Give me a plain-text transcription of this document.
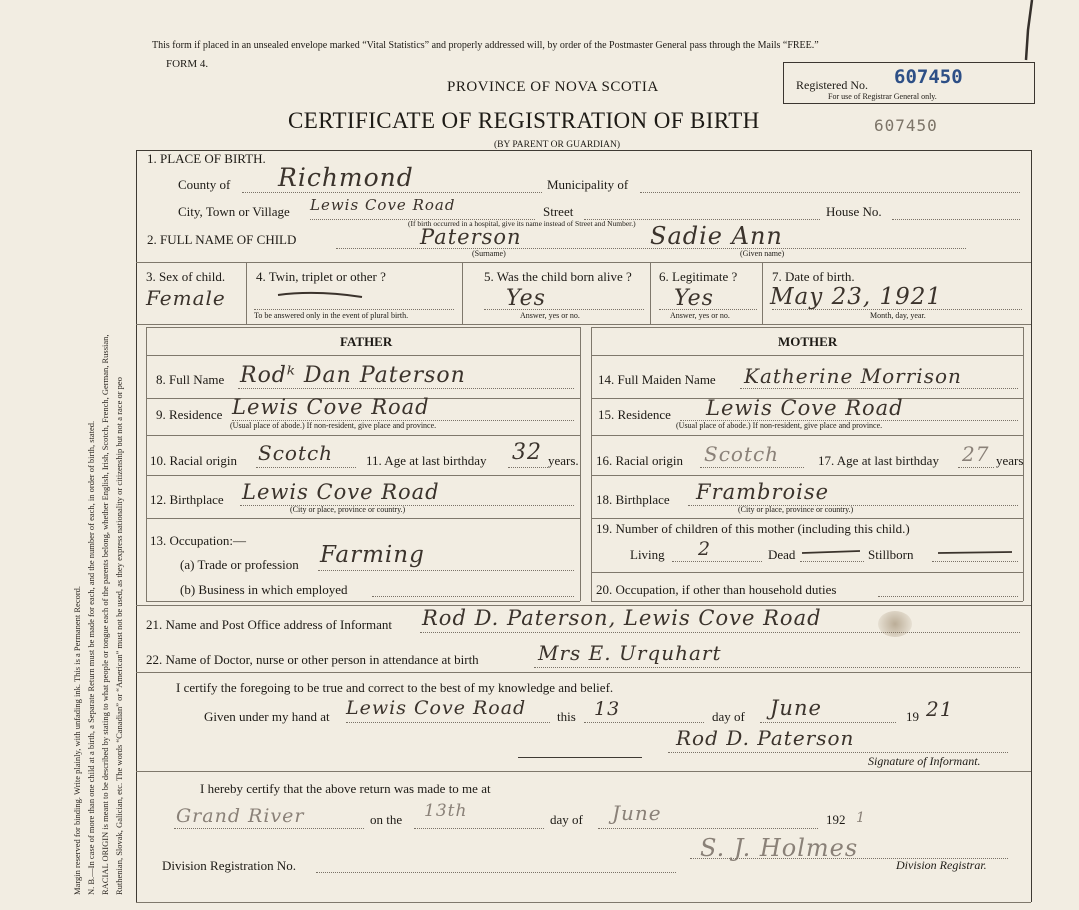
Margin reserved for binding. Write plainly, with unfading ink. This is a Permanent Record. N. B.—In case of more than one child at a birth, a Separate Return must be made for each, and the number of each, in order of birth, stated. RACIAL ORIGIN is meant to be described by stating to what people or tongue each of the parents belong, whether English, Irish, Scotch, French, German, Russian, Ruthenian, Slovak, Galician, etc. The words “Canadian” or “American” must not be used, as they express nationality or citizenship but not a race or peo
This form if placed in an unsealed envelope marked “Vital Statistics” and properly addressed will, by order of the Postmaster General pass through the Mails “FREE.”
FORM 4.
PROVINCE OF NOVA SCOTIA
CERTIFICATE OF REGISTRATION OF BIRTH	607450
(BY PARENT OR GUARDIAN)
Registered No. 607450
For use of Registrar General only.
1. PLACE OF BIRTH.
County of Richmond	Municipality of
City, Town or Village Lewis Cove Road	Street	House No.
(If birth occurred in a hospital, give its name instead of Street and Number.)
2. FULL NAME OF CHILD	Paterson	Sadie Ann
(Surname)	(Given name)
3. Sex of child.
Female
4. Twin, triplet or other ?
To be answered only in the event of plural birth.
5. Was the child born alive ?
Yes
Answer, yes or no.
6. Legitimate ?
Yes
Answer, yes or no.
7. Date of birth.
May 23, 1921
Month, day, year.
FATHER	MOTHER
8. Full Name Rodᵏ Dan Paterson
9. Residence Lewis Cove Road
(Usual place of abode.) If non-resident, give place and province.
10. Racial origin Scotch	11. Age at last birthday 32 years.
12. Birthplace Lewis Cove Road
(City or place, province or country.)
13. Occupation:—
(a) Trade or profession Farming
(b) Business in which employed
14. Full Maiden Name Katherine Morrison
15. Residence Lewis Cove Road
(Usual place of abode.) If non-resident, give place and province.
16. Racial origin Scotch	17. Age at last birthday 27 years
18. Birthplace Frambroise
(City or place, province or country.)
19. Number of children of this mother (including this child.)
Living 2	Dead	Stillborn
20. Occupation, if other than household duties
21. Name and Post Office address of Informant Rod D. Paterson, Lewis Cove Road
22. Name of Doctor, nurse or other person in attendance at birth	Mrs E. Urquhart
I certify the foregoing to be true and correct to the best of my knowledge and belief.
Given under my hand at Lewis Cove Road this 13	day of June	19 21
Rod D. Paterson
Signature of Informant.
I hereby certify that the above return was made to me at
Grand River	on the 13th	day of June	192 1
Division Registration No.
S. J. Holmes
Division Registrar.
